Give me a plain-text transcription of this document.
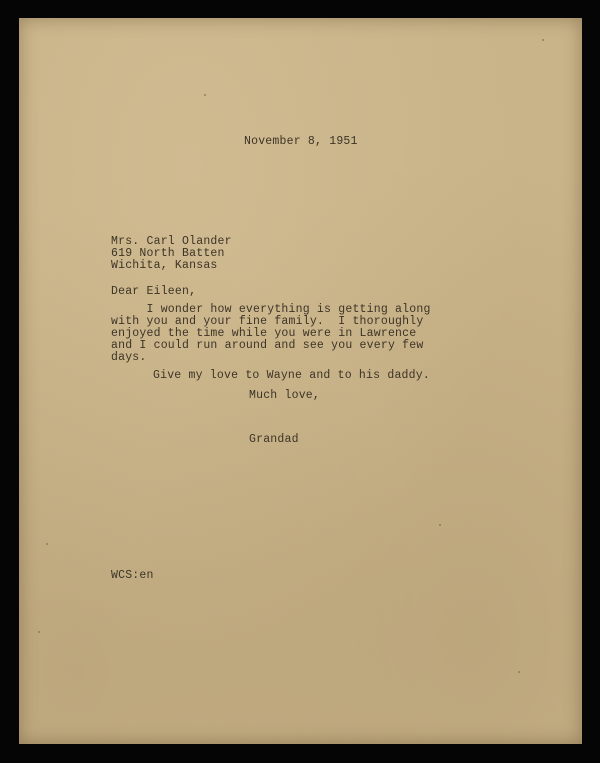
November 8, 1951
Mrs. Carl Olander
619 North Batten
Wichita, Kansas
Dear Eileen,
I wonder how everything is getting along
with you and your fine family.  I thoroughly
enjoyed the time while you were in Lawrence
and I could run around and see you every few
days.
Give my love to Wayne and to his daddy.
Much love,
Grandad
WCS:en
